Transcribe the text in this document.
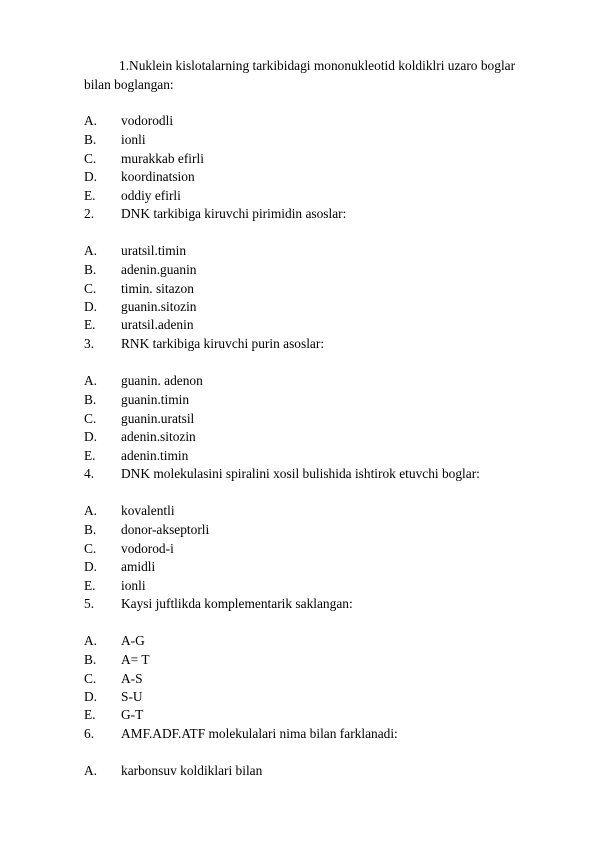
1.Nuklein kislotalarning tarkibidagi mononukleotid koldiklri uzaro boglar
bilan boglangan:
A.	vodorodli
B.	ionli
C.	murakkab efirli
D.	koordinatsion
E.	oddiy efirli
2.	DNK tarkibiga kiruvchi pirimidin asoslar:
A.	uratsil.timin
B.	adenin.guanin
C.	timin. sitazon
D.	guanin.sitozin
E.	uratsil.adenin
3.	RNK tarkibiga kiruvchi purin asoslar:
A.	guanin. adenon
B.	guanin.timin
C.	guanin.uratsil
D.	adenin.sitozin
E.	adenin.timin
4.	DNK molekulasini spiralini xosil bulishida ishtirok etuvchi boglar:
A.	kovalentli
B.	donor-akseptorli
C.	vodorod-i
D.	amidli
E.	ionli
5.	Kaysi juftlikda komplementarik saklangan:
A.	A-G
B.	A= T
C.	A-S
D.	S-U
E.	G-T
6.	AMF.ADF.ATF molekulalari nima bilan farklanadi:
A.	karbonsuv koldiklari bilan
